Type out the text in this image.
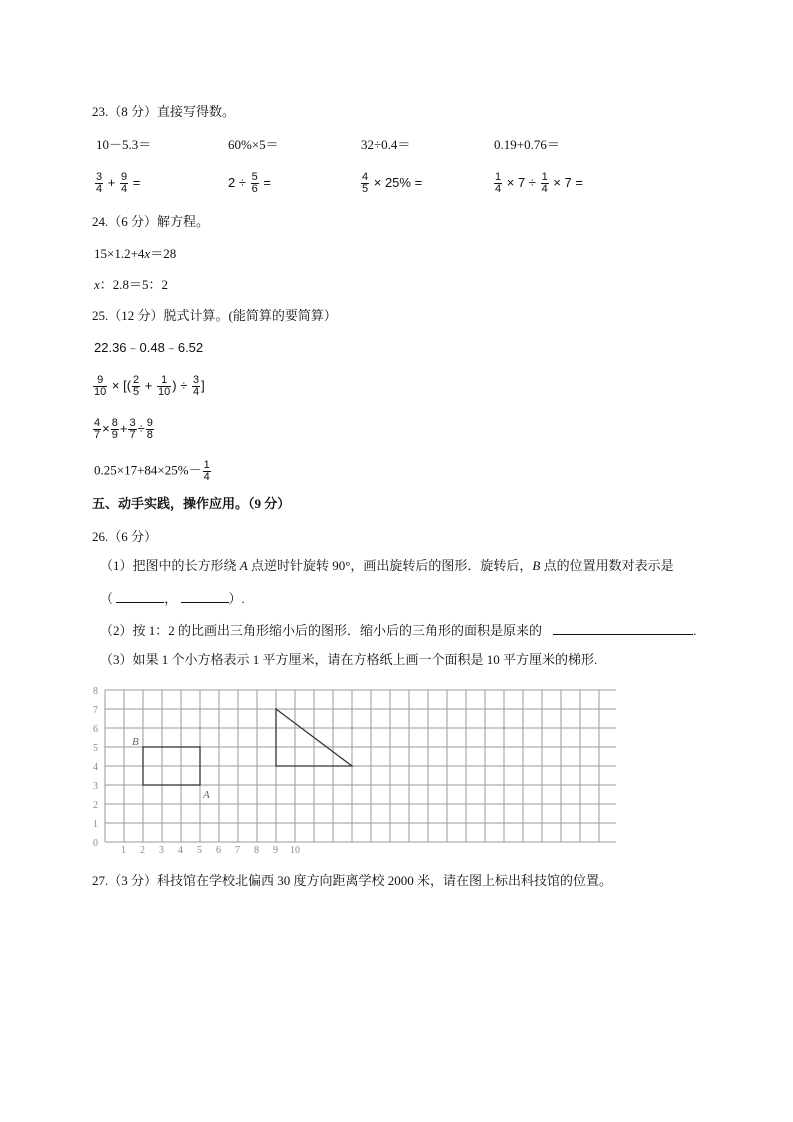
23.（8 分）直接写得数。
10－5.3＝	60%×5＝	32÷0.4＝	0.19+0.76＝
$\frac{3}{4} + \frac{9}{4}$ =	$2 \div \frac{5}{6}$ =	$\frac{4}{5} \times 25\%$ =	$\frac{1}{4} \times 7 \div \frac{1}{4} \times 7$ =
24.（6 分）解方程。
15×1.2+4x＝28
x：2.8＝5：2
25.（12 分）脱式计算。(能简算的要简算）
22.36﹣0.48﹣6.52
$\frac{9}{10}$ × [( $\frac{2}{5} + \frac{1}{10}$ ) ÷ $\frac{3}{4}$ ]
$\frac{4}{7} \times \frac{8}{9} + \frac{3}{7} \div \frac{9}{8}$
$0.25\times 17+84\times 25\%- \frac{1}{4}$
五、动手实践，操作应用。（9 分）
26.（6 分）
（1）把图中的长方形绕 A 点逆时针旋转 90°，画出旋转后的图形．旋转后，B 点的位置用数对表示是
（	，	）.
（2）按 1：2 的比画出三角形缩小后的图形．缩小后的三角形的面积是原来的	.
（3）如果 1 个小方格表示 1 平方厘米，请在方格纸上画一个面积是 10 平方厘米的梯形.
0
1
2
3
4
5
6
7
8
1 2 3 4 5 6 7 8 9 10
B
A
27.（3 分）科技馆在学校北偏西 30 度方向距离学校 2000 米，请在图上标出科技馆的位置。
